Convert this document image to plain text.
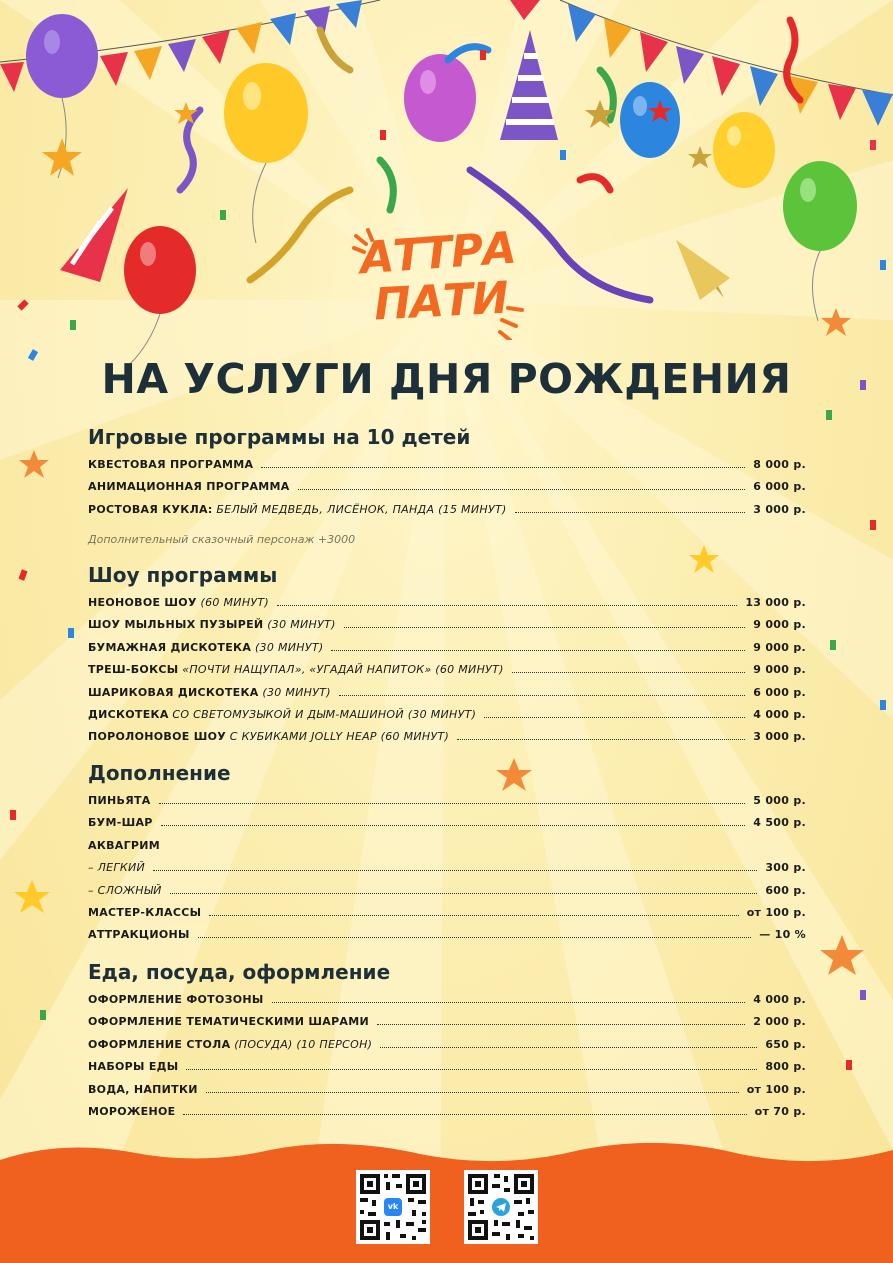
АТТРА
ПАТИ
НА УСЛУГИ ДНЯ РОЖДЕНИЯ
Игровые программы на 10 детей
КВЕСТОВАЯ ПРОГРАММА	8 000 р.
АНИМАЦИОННАЯ ПРОГРАММА	6 000 р.
РОСТОВАЯ КУКЛА: БЕЛЫЙ МЕДВЕДЬ, ЛИСЁНОК, ПАНДА (15 МИНУТ)	3 000 р.
Дополнительный сказочный персонаж +3000
Шоу программы
НЕОНОВОЕ ШОУ (60 МИНУТ)	13 000 р.
ШОУ МЫЛЬНЫХ ПУЗЫРЕЙ (30 МИНУТ)	9 000 р.
БУМАЖНАЯ ДИСКОТЕКА (30 МИНУТ)	9 000 р.
ТРЕШ-БОКСЫ «ПОЧТИ НАЩУПАЛ», «УГАДАЙ НАПИТОК» (60 МИНУТ)	9 000 р.
ШАРИКОВАЯ ДИСКОТЕКА (30 МИНУТ)	6 000 р.
ДИСКОТЕКА СО СВЕТОМУЗЫКОЙ И ДЫМ-МАШИНОЙ (30 МИНУТ)	4 000 р.
ПОРОЛОНОВОЕ ШОУ С КУБИКАМИ JOLLY HEAP (60 МИНУТ)	3 000 р.
Дополнение
ПИНЬЯТА	5 000 р.
БУМ-ШАР	4 500 р.
АКВАГРИМ
– ЛЕГКИЙ	300 р.
– СЛОЖНЫЙ	600 р.
МАСТЕР-КЛАССЫ	от 100 р.
АТТРАКЦИОНЫ	— 10 %
Еда, посуда, оформление
ОФОРМЛЕНИЕ ФОТОЗОНЫ	4 000 р.
ОФОРМЛЕНИЕ ТЕМАТИЧЕСКИМИ ШАРАМИ	2 000 р.
ОФОРМЛЕНИЕ СТОЛА (ПОСУДА) (10 ПЕРСОН)	650 р.
НАБОРЫ ЕДЫ	800 р.
ВОДА, НАПИТКИ	от 100 р.
МОРОЖЕНОЕ	от 70 р.
vk
